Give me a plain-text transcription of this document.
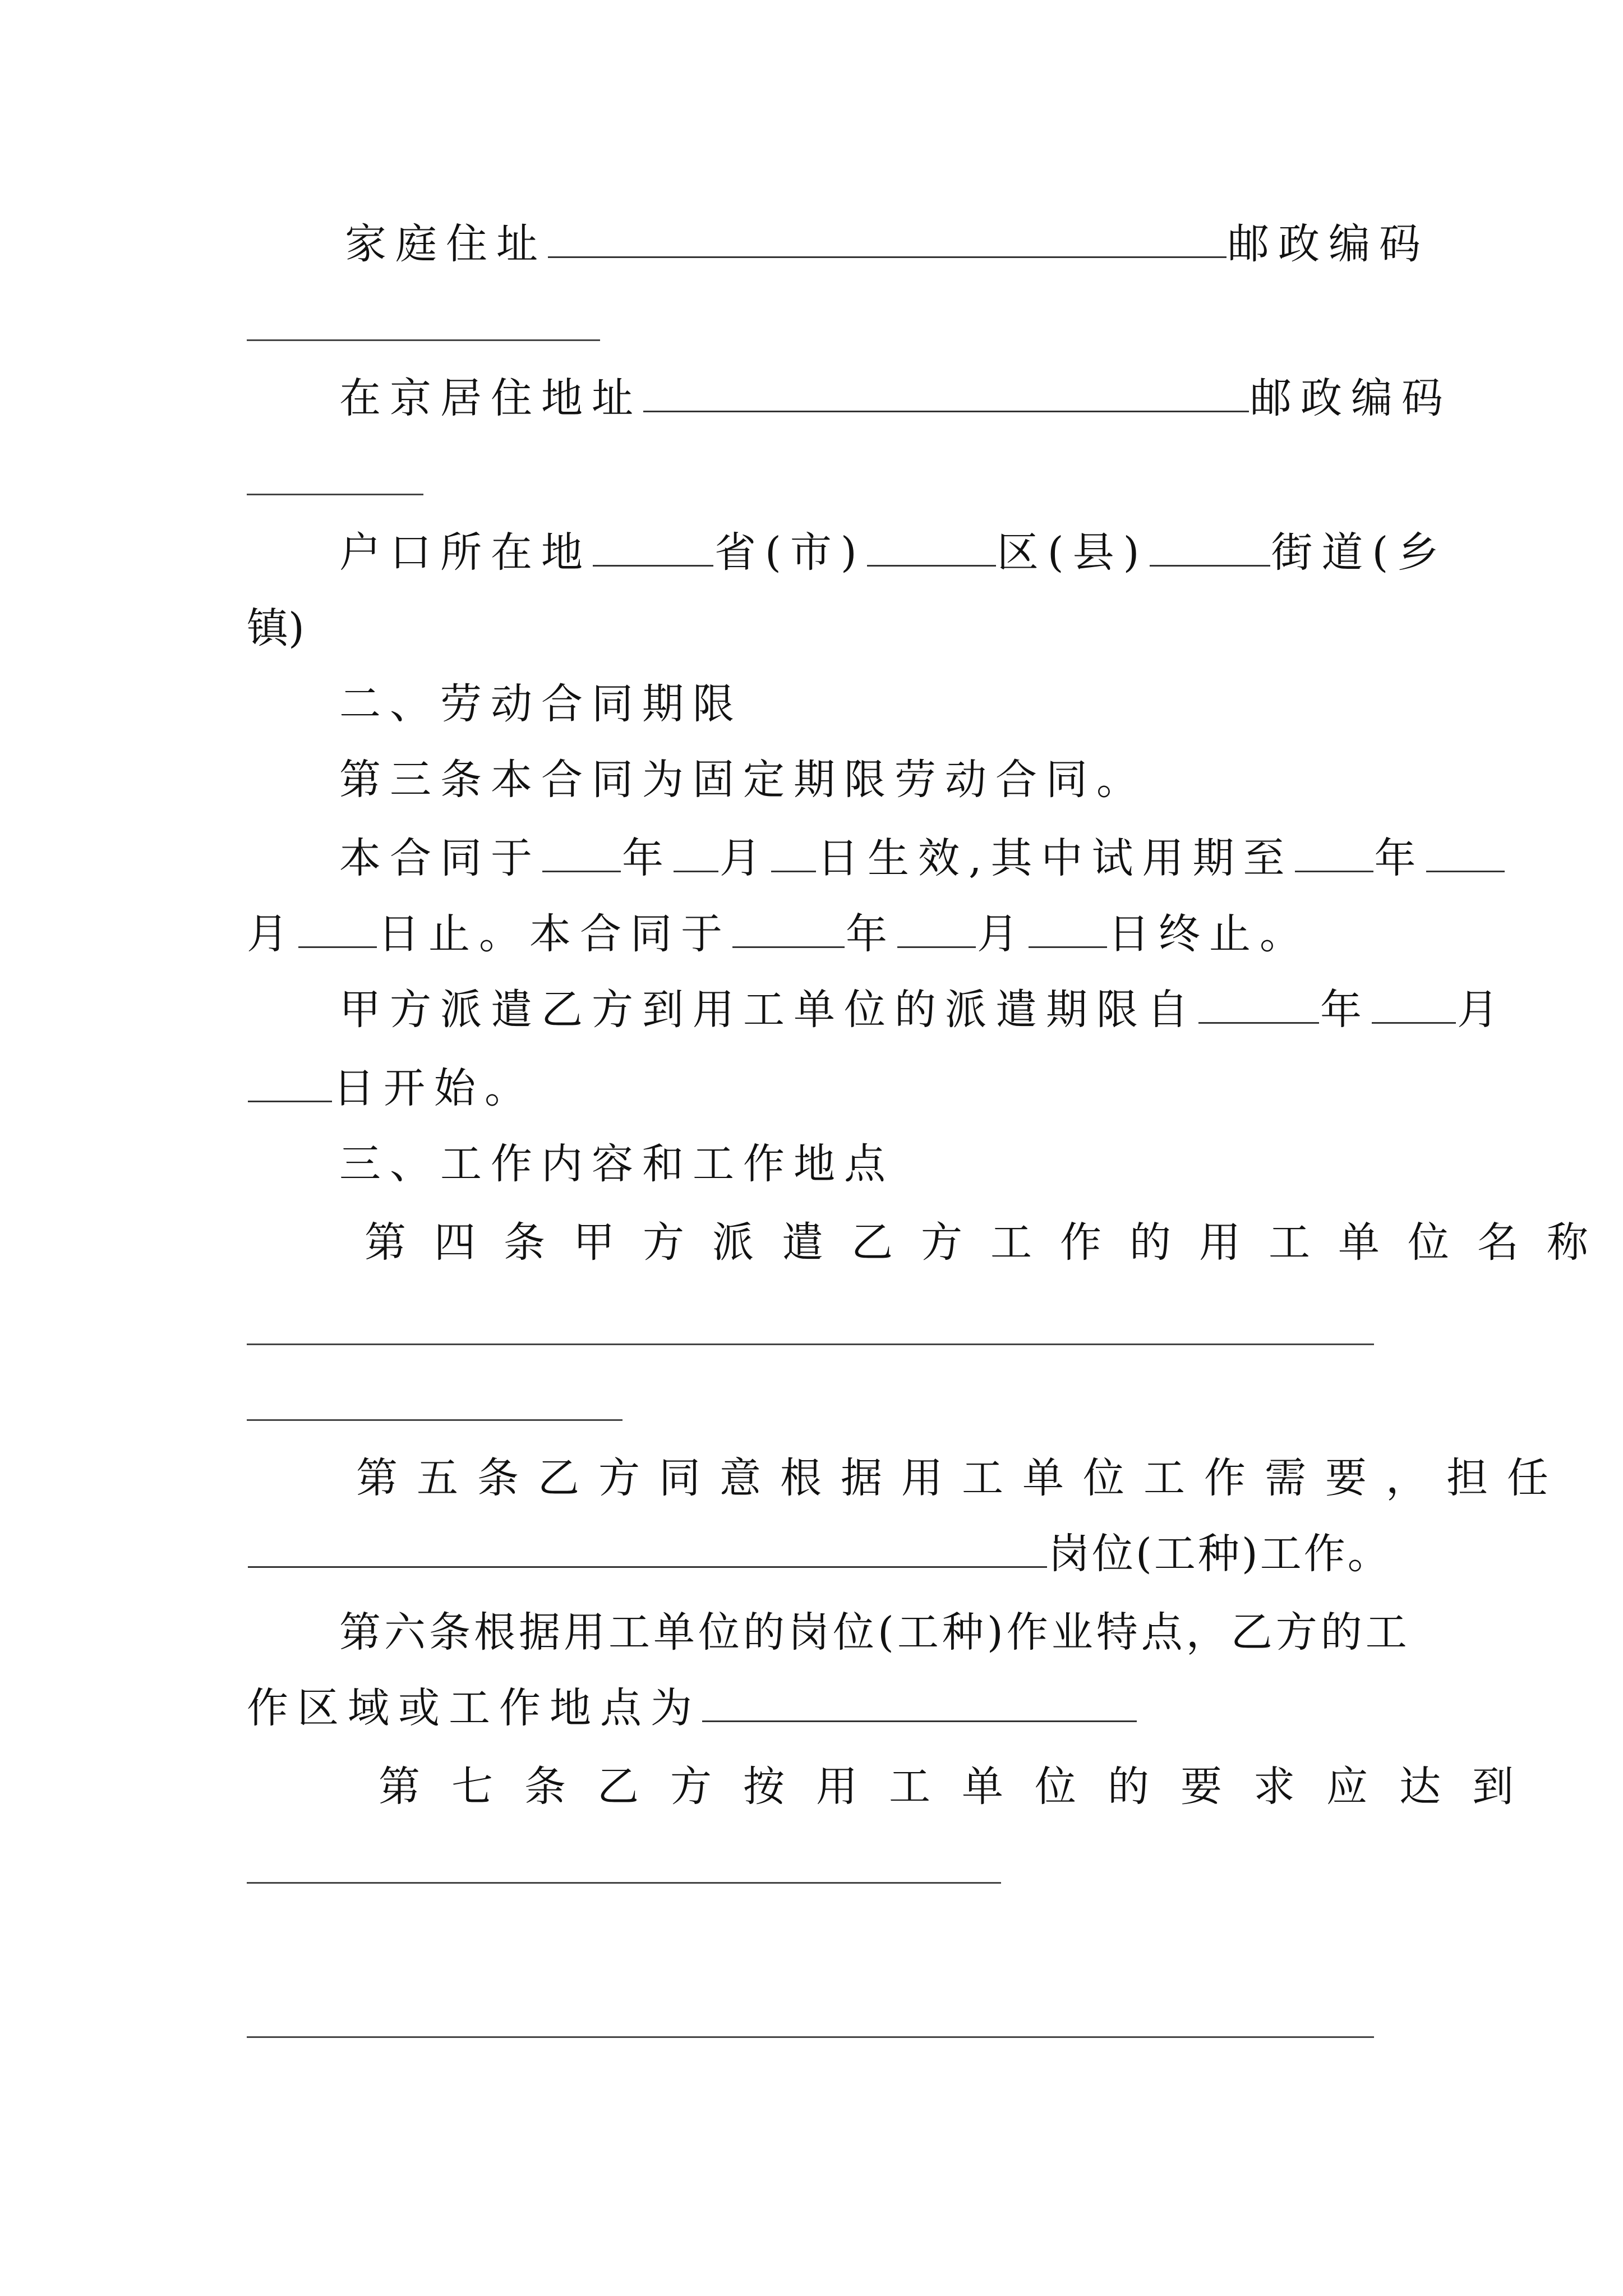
家庭住址	邮政编码
在京居住地址	邮政编码
户口所在地	省(市)	区(县)	街道(乡
镇)
二、劳动合同期限
第三条本合同为固定期限劳动合同。
本合同于 年 月 日生效,其中试用期至 年
月 日止。本合同于	年 月 日终止。
甲方派遣乙方到用工单位的派遣期限自	年 月
日开始。
三、工作内容和工作地点
第四条甲方派遣乙方工作的用工单位名称
第五条乙方同意根据用工单位工作需要，担任
岗位(工种)工作。
第六条根据用工单位的岗位(工种)作业特点，乙方的工
作区域或工作地点为
第七条乙方按用工单位的要求应达到
